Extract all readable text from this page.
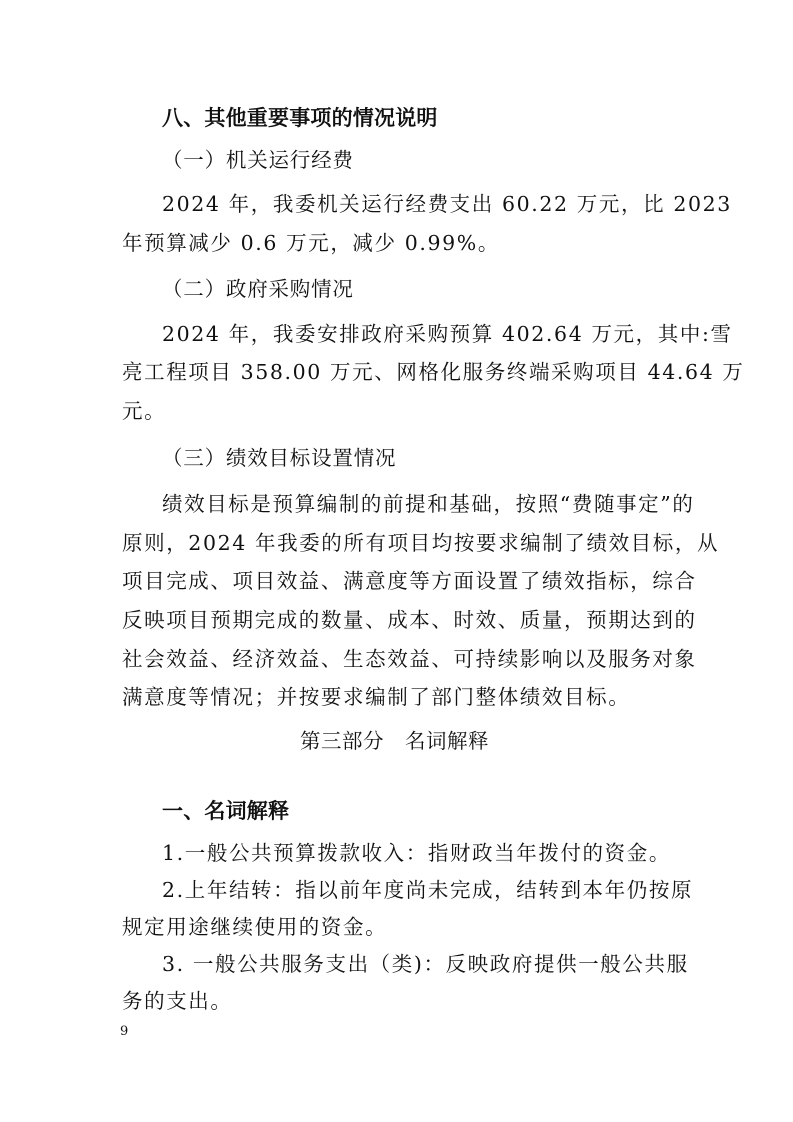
八、其他重要事项的情况说明
（一）机关运行经费
2024 年，我委机关运行经费支出 60.22 万元，比 2023
年预算减少 0.6 万元，减少 0.99%。
（二）政府采购情况
2024 年，我委安排政府采购预算 402.64 万元，其中:雪
亮工程项目 358.00 万元、网格化服务终端采购项目 44.64 万
元。
（三）绩效目标设置情况
绩效目标是预算编制的前提和基础，按照“费随事定”的
原则，2024 年我委的所有项目均按要求编制了绩效目标，从
项目完成、项目效益、满意度等方面设置了绩效指标，综合
反映项目预期完成的数量、成本、时效、质量，预期达到的
社会效益、经济效益、生态效益、可持续影响以及服务对象
满意度等情况；并按要求编制了部门整体绩效目标。
第三部分　名词解释
一、名词解释
1.一般公共预算拨款收入：指财政当年拨付的资金。
2.上年结转：指以前年度尚未完成，结转到本年仍按原
规定用途继续使用的资金。
3. 一般公共服务支出（类)：反映政府提供一般公共服
务的支出。
9
